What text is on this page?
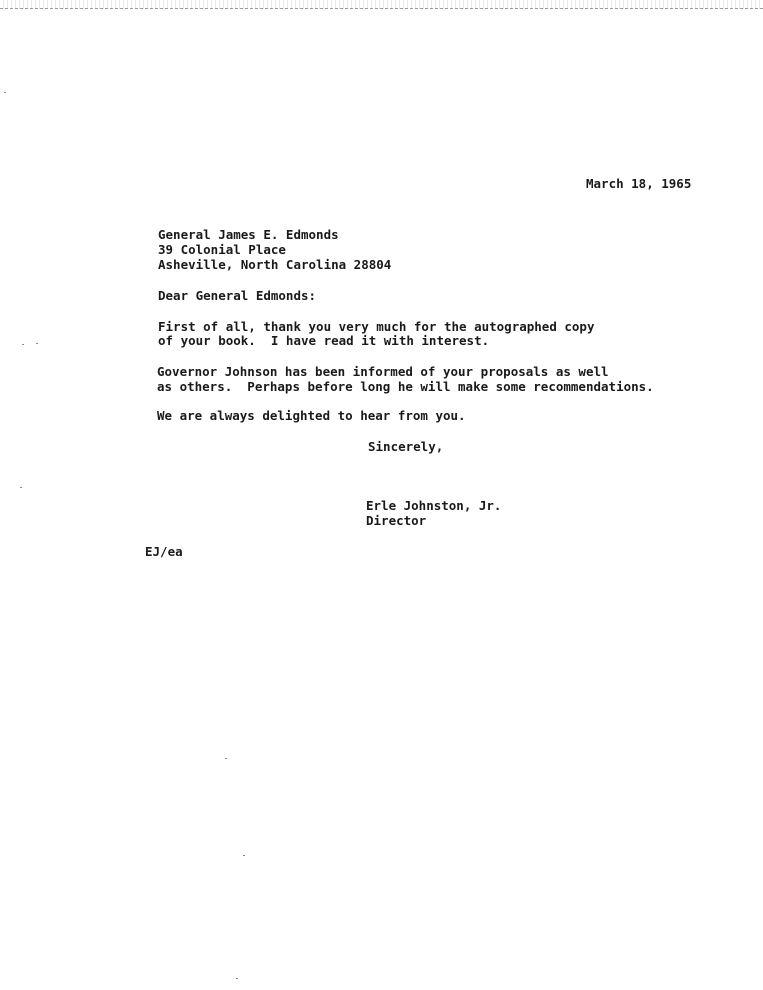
March 18, 1965
General James E. Edmonds
39 Colonial Place
Asheville, North Carolina 28804
Dear General Edmonds:
First of all, thank you very much for the autographed copy
of your book.  I have read it with interest.
Governor Johnson has been informed of your proposals as well
as others.  Perhaps before long he will make some recommendations.
We are always delighted to hear from you.
Sincerely,
Erle Johnston, Jr.
Director
EJ/ea
